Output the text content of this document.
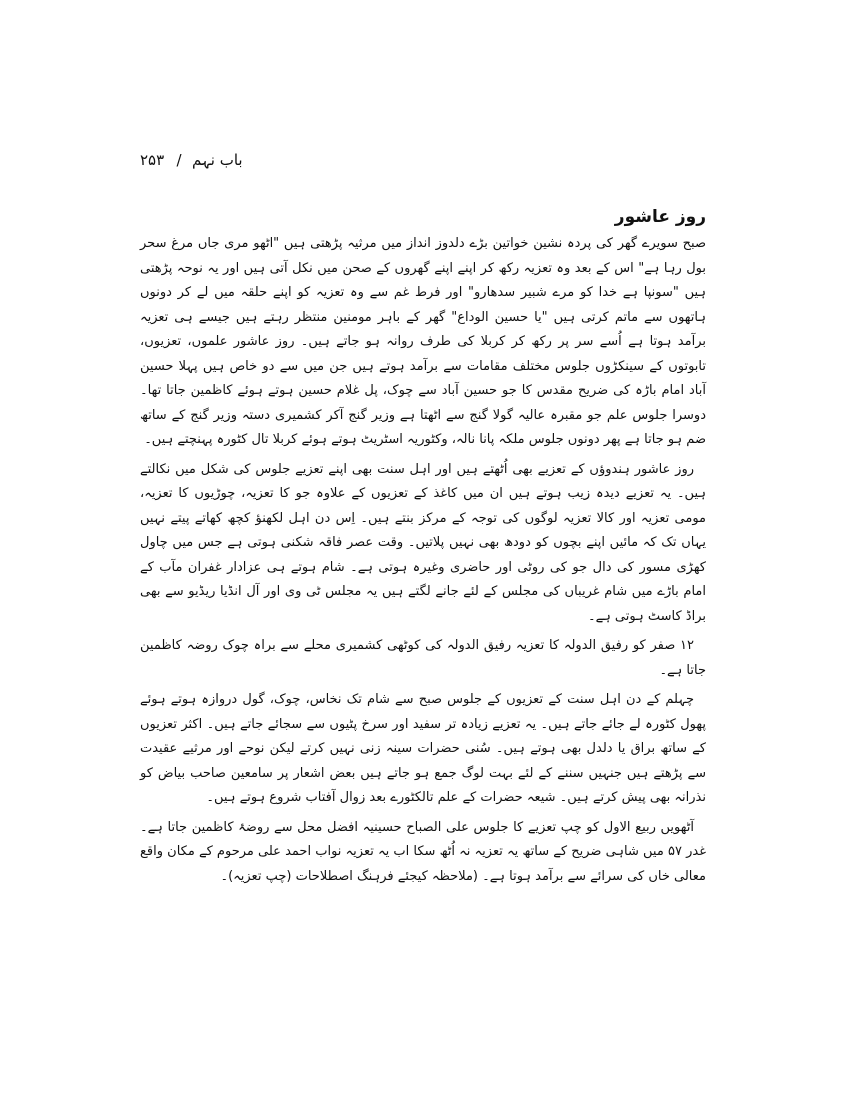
۲۵۳ / باب نہم
روز عاشور

صبح سویرے گھر کی پردہ نشین خواتین بڑے دلدوز انداز میں مرثیہ پڑھتی ہیں "اٹھو مری جاں مرغ سحر بول رہا ہے" اس کے بعد وہ تعزیہ رکھ کر اپنے اپنے گھروں کے صحن میں نکل آتی ہیں اور یہ نوحہ پڑھتی ہیں "سونپا ہے خدا کو مرے شبیر سدھارو" اور فرط غم سے وہ تعزیہ کو اپنے حلقہ میں لے کر دونوں ہاتھوں سے ماتم کرتی ہیں "یا حسین الوداع" گھر کے باہر مومنین منتظر رہتے ہیں جیسے ہی تعزیہ برآمد ہوتا ہے اُسے سر پر رکھ کر کربلا کی طرف روانہ ہو جاتے ہیں۔ روز عاشور علموں، تعزیوں، تابوتوں کے سینکڑوں جلوس مختلف مقامات سے برآمد ہوتے ہیں جن میں سے دو خاص ہیں پہلا حسین آباد امام باڑہ کی ضریح مقدس کا جو حسین آباد سے چوک، پل غلام حسین ہوتے ہوئے کاظمین جاتا تھا۔ دوسرا جلوس علم جو مقبرہ عالیہ گولا گنج سے اٹھتا ہے وزیر گنج آکر کشمیری دستہ وزیر گنج کے ساتھ ضم ہو جاتا ہے پھر دونوں جلوس ملکہ پانا نالہ، وکٹوریہ اسٹریٹ ہوتے ہوئے کربلا تال کٹورہ پہنچتے ہیں۔

روز عاشور ہندوؤں کے تعزیے بھی اُٹھتے ہیں اور اہل سنت بھی اپنے تعزیے جلوس کی شکل میں نکالتے ہیں۔ یہ تعزیے دیدہ زیب ہوتے ہیں ان میں کاغذ کے تعزیوں کے علاوہ جو کا تعزیہ، چوڑیوں کا تعزیہ، مومی تعزیہ اور کالا تعزیہ لوگوں کی توجہ کے مرکز بنتے ہیں۔ اِس دن اہل لکھنؤ کچھ کھاتے پیتے نہیں یہاں تک کہ مائیں اپنے بچوں کو دودھ بھی نہیں پلاتیں۔ وقت عصر فاقہ شکنی ہوتی ہے جس میں چاول کھڑی مسور کی دال جو کی روٹی اور حاضری وغیرہ ہوتی ہے۔ شام ہوتے ہی عزادار غفران مآب کے امام باڑے میں شام غریباں کی مجلس کے لئے جانے لگتے ہیں یہ مجلس ٹی وی اور آل انڈیا ریڈیو سے بھی براڈ کاسٹ ہوتی ہے۔

۱۲ صفر کو رفیق الدولہ کا تعزیہ رفیق الدولہ کی کوٹھی کشمیری محلے سے براہ چوک روضہ کاظمین جاتا ہے۔

چہلم کے دن اہل سنت کے تعزیوں کے جلوس صبح سے شام تک نخاس، چوک، گول دروازہ ہوتے ہوئے پھول کٹورہ لے جائے جاتے ہیں۔ یہ تعزیے زیادہ تر سفید اور سرخ پٹیوں سے سجائے جاتے ہیں۔ اکثر تعزیوں کے ساتھ براق یا دلدل بھی ہوتے ہیں۔ سُنی حضرات سینہ زنی نہیں کرتے لیکن نوحے اور مرثیے عقیدت سے پڑھتے ہیں جنہیں سننے کے لئے بہت لوگ جمع ہو جاتے ہیں بعض اشعار پر سامعین صاحب بیاض کو نذرانہ بھی پیش کرتے ہیں۔ شیعہ حضرات کے علم تالکٹورے بعد زوال آفتاب شروع ہوتے ہیں۔

آٹھویں ربیع الاول کو چپ تعزیے کا جلوس علی الصباح حسینیہ افضل محل سے روضۂ کاظمین جاتا ہے۔ غدر ۵۷ میں شاہی ضریح کے ساتھ یہ تعزیہ نہ اُٹھ سکا اب یہ تعزیہ نواب احمد علی مرحوم کے مکان واقع معالی خاں کی سرائے سے برآمد ہوتا ہے۔ (ملاحظہ کیجئے فرہنگ اصطلاحات (چپ تعزیہ)۔
